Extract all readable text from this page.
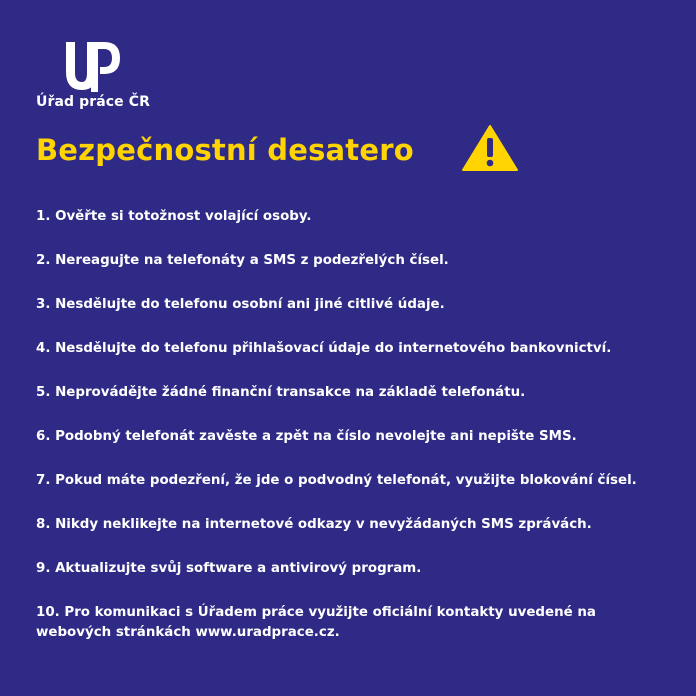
Úřad práce ČR
Bezpečnostní desatero
1. Ověřte si totožnost volající osoby.
2. Nereagujte na telefonáty a SMS z podezřelých čísel.
3. Nesdělujte do telefonu osobní ani jiné citlivé údaje.
4. Nesdělujte do telefonu přihlašovací údaje do internetového bankovnictví.
5. Neprovádějte žádné finanční transakce na základě telefonátu.
6. Podobný telefonát zavěste a zpět na číslo nevolejte ani nepište SMS.
7. Pokud máte podezření, že jde o podvodný telefonát, využijte blokování čísel.
8. Nikdy neklikejte na internetové odkazy v nevyžádaných SMS zprávách.
9. Aktualizujte svůj software a antivirový program.
10. Pro komunikaci s Úřadem práce využijte oficiální kontakty uvedené na webových stránkách www.uradprace.cz.
